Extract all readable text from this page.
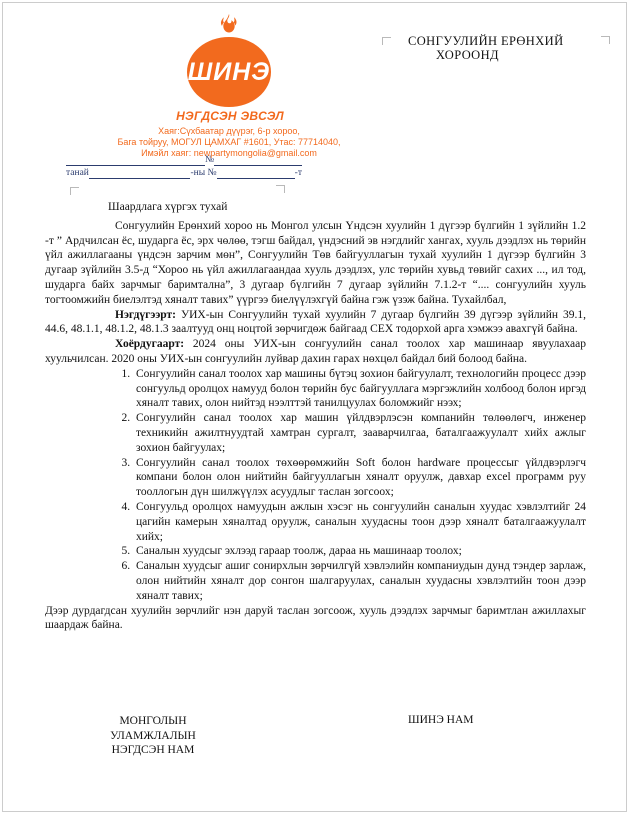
ШИНЭ
НЭГДСЭН ЭВСЭЛ
Хаяг:Сүхбаатар дүүрэг, 6-р хороо,
Бага тойруу, МОГУЛ ЦАМХАГ #1601, Утас: 77714040,
Имэйл хаяг: newpartymongolia@gmail.com
СОНГУУЛИЙН ЕРӨНХИЙ
ХОРООНД
№
танай	-ны №	-т
Шаардлага хүргэх тухай

Сонгуулийн Ерөнхий хороо нь Монгол улсын Үндсэн хуулийн 1 дүгээр бүлгийн 1 зүйлийн 1.2 -т ” Ардчилсан ёс, шударга ёс, эрх чөлөө, тэгш байдал, үндэсний эв нэгдлийг хангах, хууль дээдлэх нь төрийн үйл ажиллагааны үндсэн зарчим мөн”, Сонгуулийн Төв байгууллагын тухай хуулийн 1 дүгээр бүлгийн 3 дугаар зүйлийн 3.5-д “Хороо нь үйл ажиллагаандаа хууль дээдлэх, улс төрийн хувьд төвийг сахих ..., ил тод, шударга байх зарчмыг баримтална”, 3 дугаар бүлгийн 7 дугаар зүйлийн 7.1.2-т “.... сонгуулийн хууль тогтоомжийн биелэлтэд хяналт тавих” үүргээ биелүүлэхгүй байна гэж үзэж байна. Тухайлбал,

Нэгдүгээрт: УИХ-ын Сонгуулийн тухай хуулийн 7 дугаар бүлгийн 39 дүгээр зүйлийн 39.1, 44.6, 48.1.1, 48.1.2, 48.1.3 заалтууд онц ноцтой зөрчигдөж байгаад СЕХ тодорхой арга хэмжээ авахгүй байна.

Хоёрдугаарт: 2024 оны УИХ-ын сонгуулийн санал тоолох хар машинаар явуулахаар хуульчилсан. 2020 оны УИХ-ын сонгуулийн луйвар дахин гарах нөхцөл байдал бий болоод байна.

1. Сонгуулийн санал тоолох хар машины бүтэц зохион байгуулалт, технологийн процесс дээр сонгуульд оролцох намууд болон төрийн бус байгууллага мэргэжлийн холбоод болон иргэд хяналт тавих, олон нийтэд нээлттэй танилцуулах боломжийг нээх;
2. Сонгуулийн санал тоолох хар машин үйлдвэрлэсэн компанийн төлөөлөгч, инженер техникийн ажилтнуудтай хамтран сургалт, зааварчилгаа, баталгаажуулалт хийх ажлыг зохион байгуулах;
3. Сонгуулийн санал тоолох төхөөрөмжийн Soft болон hardware процессыг үйлдвэрлэгч компани болон олон нийтийн байгууллагын хяналт оруулж, давхар excel программ руу тооллогын дүн шилжүүлэх асуудлыг таслан зогсоох;
4. Сонгуульд оролцох намуудын ажлын хэсэг нь сонгуулийн саналын хуудас хэвлэлтийг 24 цагийн камерын хяналтад оруулж, саналын хуудасны тоон дээр хяналт баталгаажуулалт хийх;
5. Саналын хуудсыг эхлээд гараар тоолж, дараа нь машинаар тоолох;
6. Саналын хуудсыг ашиг сонирхлын зөрчилгүй хэвлэлийн компаниудын дунд тэндер зарлаж, олон нийтийн хяналт дор сонгон шалгаруулах, саналын хуудасны хэвлэлтийн тоон дээр хяналт тавих;

Дээр дурдагдсан хуулийн зөрчлийг нэн даруй таслан зогсоож, хууль дээдлэх зарчмыг баримтлан ажиллахыг шаардаж байна.

МОНГОЛЫН УЛАМЖЛАЛЫН
НЭГДСЭН НАМ
ШИНЭ НАМ
